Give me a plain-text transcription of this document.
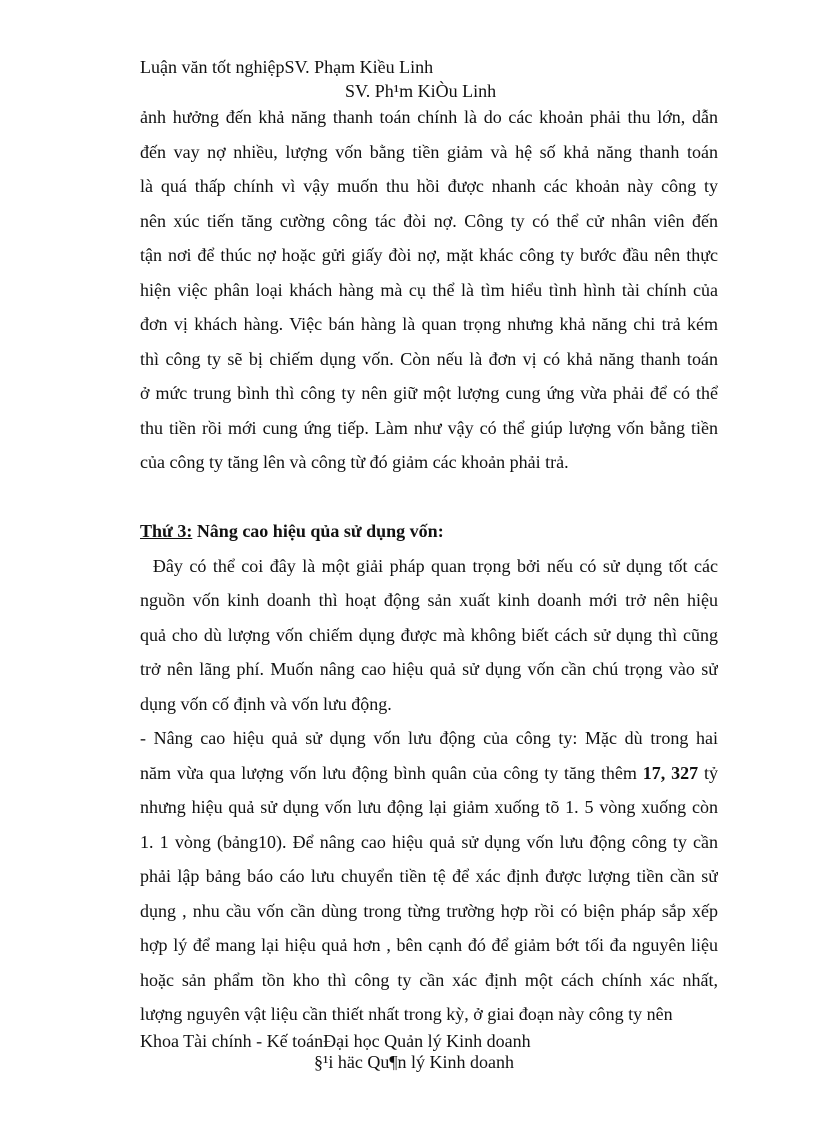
Luận văn tốt nghiệpSV. Phạm Kiều Linh
SV. Ph¹m KiÒu Linh
ảnh hưởng đến khả năng thanh toán chính là do các khoản phải thu lớn, dẫn
đến vay nợ nhiều, lượng vốn bằng tiền giảm và hệ số khả năng thanh toán
là quá thấp chính vì vậy muốn thu hồi được nhanh các khoản này công ty
nên xúc tiến tăng cường công tác đòi nợ. Công ty có thể cử nhân viên đến
tận nơi để thúc nợ hoặc gửi giấy đòi nợ, mặt khác công ty bước đầu nên thực
hiện việc phân loại khách hàng mà cụ thể là tìm hiểu tình hình tài chính của
đơn vị khách hàng. Việc bán hàng là quan trọng nhưng khả năng chi trả kém
thì công ty sẽ bị chiếm dụng vốn. Còn nếu là đơn vị có khả năng thanh toán
ở mức trung bình thì công ty nên giữ một lượng cung ứng vừa phải để có thể
thu tiền rồi mới cung ứng tiếp. Làm như vậy có thể giúp lượng vốn bằng tiền
của công ty tăng lên và công từ đó giảm các khoản phải trả.
Thứ 3: Nâng cao hiệu qủa sử dụng vốn:
Đây có thể coi đây là một giải pháp quan trọng bởi nếu có sử dụng tốt các
nguồn vốn kinh doanh thì hoạt động sản xuất kinh doanh mới trở nên hiệu
quả cho dù lượng vốn chiếm dụng được mà không biết cách sử dụng thì cũng
trở nên lãng phí. Muốn nâng cao hiệu quả sử dụng vốn cần chú trọng vào sử
dụng vốn cố định và vốn lưu động.
- Nâng cao hiệu quả sử dụng vốn lưu động của công ty: Mặc dù trong hai
năm vừa qua lượng vốn lưu động bình quân của công ty tăng thêm 17, 327 tỷ
nhưng hiệu quả sử dụng vốn lưu động lại giảm xuống tõ 1. 5 vòng xuống còn
1. 1 vòng (bảng10). Để nâng cao hiệu quả sử dụng vốn lưu động công ty cần
phải lập bảng báo cáo lưu chuyển tiền tệ để xác định được lượng tiền cần sử
dụng , nhu cầu vốn cần dùng trong từng trường hợp rồi có biện pháp sắp xếp
hợp lý để mang lại hiệu quả hơn , bên cạnh đó để giảm bớt tối đa nguyên liệu
hoặc sản phẩm tồn kho thì công ty cần xác định một cách chính xác nhất,
lượng nguyên vật liệu cần thiết nhất trong kỳ, ở giai đoạn này công ty nên
Khoa Tài chính - Kế toánĐại học Quản lý Kinh doanh
§¹i häc Qu¶n lý Kinh doanh
